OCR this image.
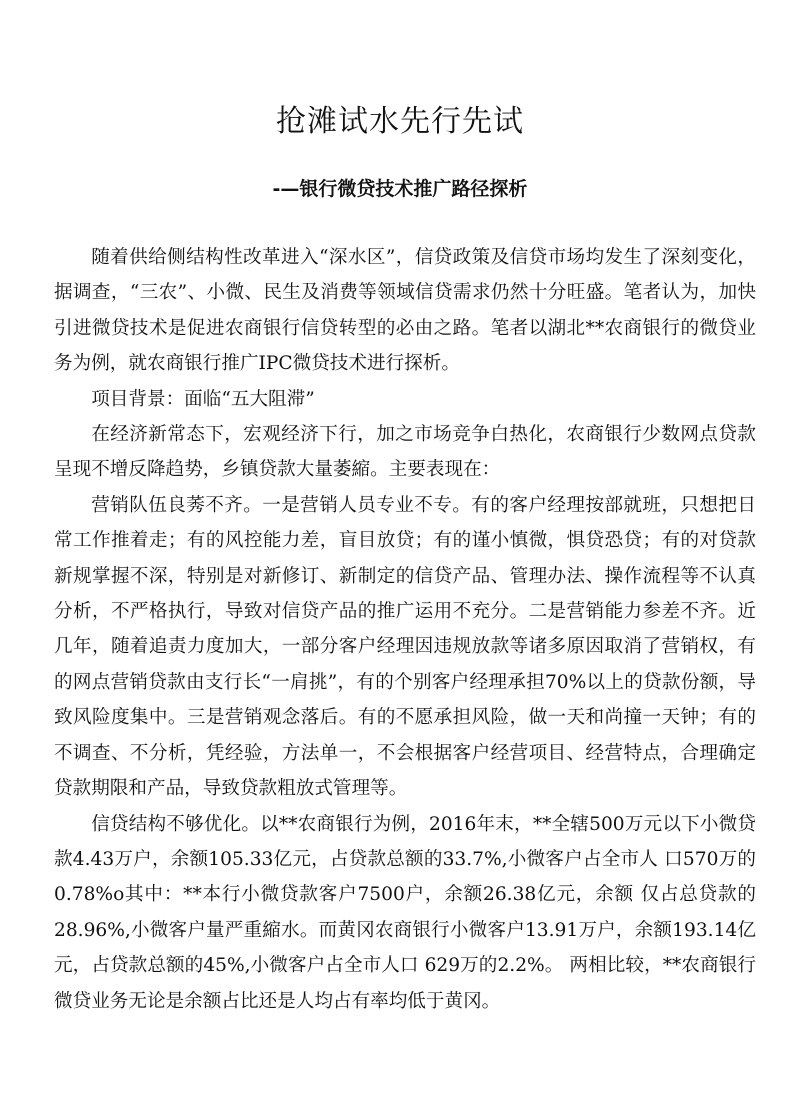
抢滩试水先行先试
-—银行微贷技术推广路径探析

随着供给侧结构性改革进入“深水区”，信贷政策及信贷市场均发生了深刻变化，据调查，“三农”、小微、民生及消费等领域信贷需求仍然十分旺盛。笔者认为，加快引进微贷技术是促进农商银行信贷转型的必由之路。笔者以湖北**农商银行的微贷业务为例，就农商银行推广IPC微贷技术进行探析。

项目背景：面临“五大阻滞”

在经济新常态下，宏观经济下行，加之市场竞争白热化，农商银行少数网点贷款呈现不增反降趋势，乡镇贷款大量萎縮。主要表现在：

营销队伍良莠不齐。一是营销人员专业不专。有的客户经理按部就班，只想把日常工作推着走；有的风控能力差，盲目放贷；有的谨小慎微，惧贷恐贷；有的对贷款新规掌握不深，特别是对新修订、新制定的信贷产品、管理办法、操作流程等不认真分析，不严格执行，导致对信贷产品的推广运用不充分。二是营销能力参差不齐。近几年，随着追责力度加大，一部分客户经理因违规放款等诸多原因取消了营销权，有的网点营销贷款由支行长“一肩挑”，有的个别客户经理承担70%以上的贷款份额，导致风险度集中。三是营销观念落后。有的不愿承担风险，做一天和尚撞一天钟；有的不调查、不分析，凭经验，方法单一，不会根据客户经营项目、经营特点，合理确定贷款期限和产品，导致贷款粗放式管理等。

信贷结构不够优化。以**农商银行为例，2016年末，**全辖500万元以下小微贷款4.43万户，余额105.33亿元，占贷款总额的33.7%,小微客户占全市人 口570万的0.78%o其中：**本行小微贷款客户7500户，余额26.38亿元，余额 仅占总贷款的28.96%,小微客户量严重縮水。而黄冈农商银行小微客户13.91万户，余额193.14亿元，占贷款总额的45%,小微客户占全市人口 629万的2.2%。 两相比较，**农商银行微贷业务无论是余额占比还是人均占有率均低于黄冈。
